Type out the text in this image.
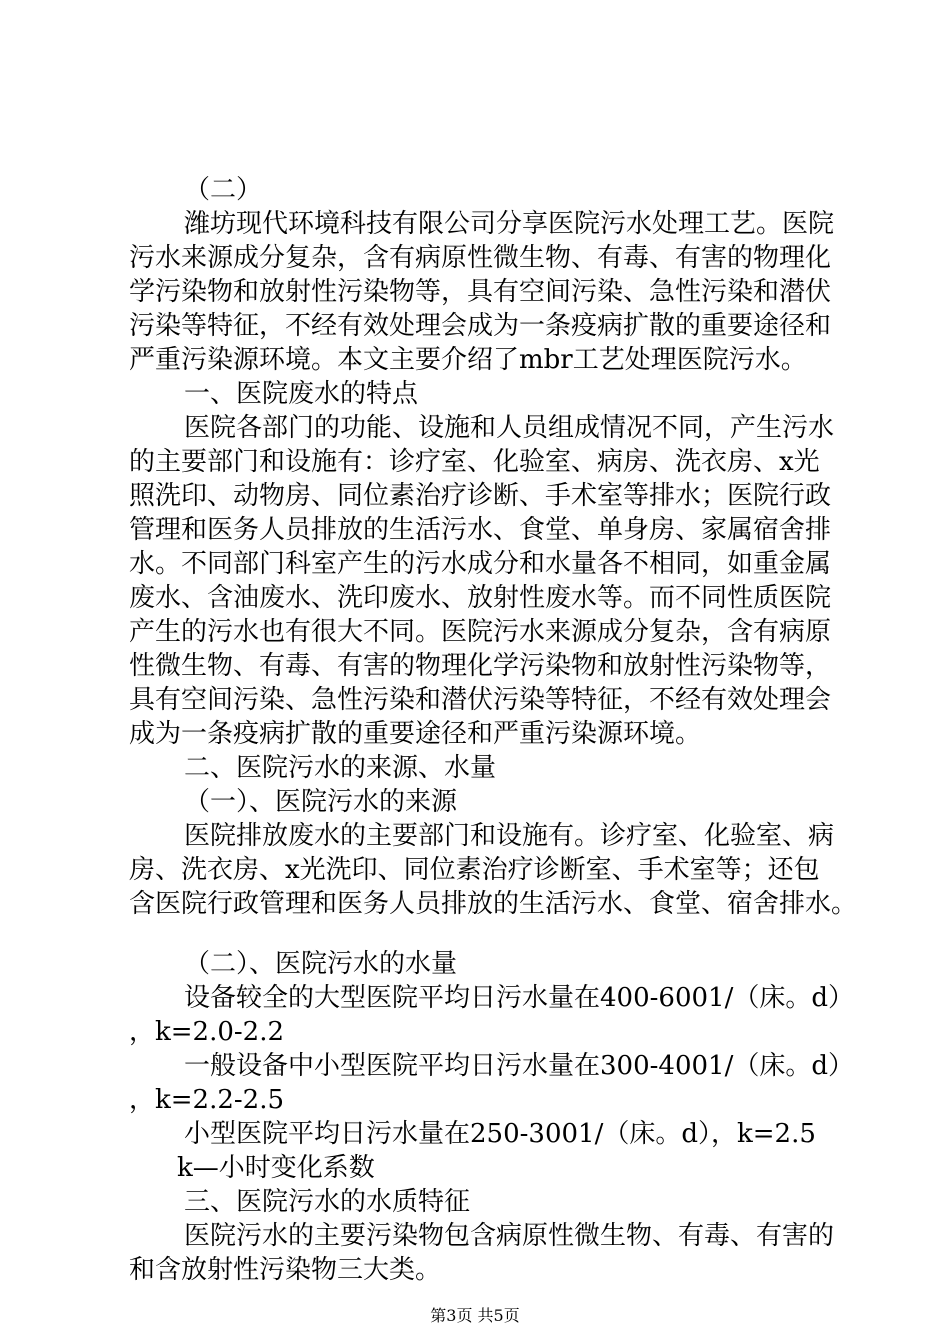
（二）
潍坊现代环境科技有限公司分享医院污水处理工艺。医院
污水来源成分复杂，含有病原性微生物、有毒、有害的物理化
学污染物和放射性污染物等，具有空间污染、急性污染和潜伏
污染等特征，不经有效处理会成为一条疫病扩散的重要途径和
严重污染源环境。本文主要介绍了mbr工艺处理医院污水。
一、医院废水的特点
医院各部门的功能、设施和人员组成情况不同，产生污水
的主要部门和设施有：诊疗室、化验室、病房、洗衣房、x光
照洗印、动物房、同位素治疗诊断、手术室等排水；医院行政
管理和医务人员排放的生活污水、食堂、单身房、家属宿舍排
水。不同部门科室产生的污水成分和水量各不相同，如重金属
废水、含油废水、洗印废水、放射性废水等。而不同性质医院
产生的污水也有很大不同。医院污水来源成分复杂，含有病原
性微生物、有毒、有害的物理化学污染物和放射性污染物等，
具有空间污染、急性污染和潜伏污染等特征，不经有效处理会
成为一条疫病扩散的重要途径和严重污染源环境。
二、医院污水的来源、水量
（一）、医院污水的来源
医院排放废水的主要部门和设施有。诊疗室、化验室、病
房、洗衣房、x光洗印、同位素治疗诊断室、手术室等；还包
含医院行政管理和医务人员排放的生活污水、食堂、宿舍排水。
（二）、医院污水的水量
设备较全的大型医院平均日污水量在400-6001/（床。d）
，k=2.0-2.2
一般设备中小型医院平均日污水量在300-4001/（床。d）
，k=2.2-2.5
小型医院平均日污水量在250-3001/（床。d），k=2.5
k—小时变化系数
三、医院污水的水质特征
医院污水的主要污染物包含病原性微生物、有毒、有害的
和含放射性污染物三大类。
第3页 共5页
